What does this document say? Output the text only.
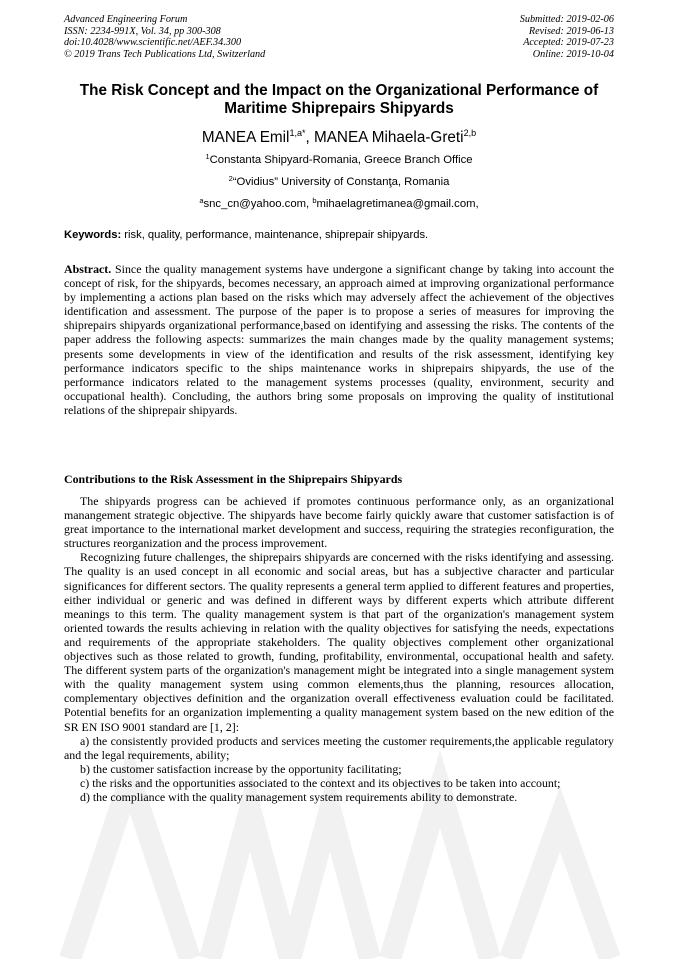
Advanced Engineering Forum
ISSN: 2234-991X, Vol. 34, pp 300-308
doi:10.4028/www.scientific.net/AEF.34.300
© 2019 Trans Tech Publications Ltd, Switzerland
Submitted: 2019-02-06
Revised: 2019-06-13
Accepted: 2019-07-23
Online: 2019-10-04
The Risk Concept and the Impact on the Organizational Performance of Maritime Shiprepairs Shipyards
MANEA Emil$^{1,a*}$, MANEA Mihaela-Greti$^{2,b}$
$^1$Constanta Shipyard-Romania, Greece Branch Office
$^2$“Ovidius” University of Constanţa, Romania
$^a$snc_cn@yahoo.com, $^b$mihaelagretimanea@gmail.com,
Keywords: risk, quality, performance, maintenance, shiprepair shipyards.
Abstract. Since the quality management systems have undergone a significant change by taking into account the concept of risk, for the shipyards, becomes necessary, an approach aimed at improving organizational performance by implementing a actions plan based on the risks which may adversely affect the achievement of the objectives identification and assessment. The purpose of the paper is to propose a series of measures for improving the shiprepairs shipyards organizational performance,based on identifying and assessing the risks. The contents of the paper address the following aspects: summarizes the main changes made by the quality management systems; presents some developments in view of the identification and results of the risk assessment, identifying key performance indicators specific to the ships maintenance works in shiprepairs shipyards, the use of the performance indicators related to the management systems processes (quality, environment, security and occupational health). Concluding, the authors bring some proposals on improving the quality of institutional relations of the shiprepair shipyards.
Contributions to the Risk Assessment in the Shiprepairs Shipyards

The shipyards progress can be achieved if promotes continuous performance only, as an organizational manangement strategic objective. The shipyards have become fairly quickly aware that customer satisfaction is of great importance to the international market development and success, requiring the strategies reconfiguration, the structures reorganization and the process improvement.

Recognizing future challenges, the shiprepairs shipyards are concerned with the risks identifying and assessing. The quality is an used concept in all economic and social areas, but has a subjective character and particular significances for different sectors. The quality represents a general term applied to different features and properties, either individual or generic and was defined in different ways by different experts which attribute different meanings to this term. The quality management system is that part of the organization's management system oriented towards the results achieving in relation with the quality objectives for satisfying the needs, expectations and requirements of the appropriate stakeholders. The quality objectives complement other organizational objectives such as those related to growth, funding, profitability, environmental, occupational health and safety. The different system parts of the organization's management might be integrated into a single management system with the quality management system using common elements,thus the planning, resources allocation, complementary objectives definition and the organization overall effectiveness evaluation could be facilitated. Potential benefits for an organization implementing a quality management system based on the new edition of the SR EN ISO 9001 standard are [1, 2]:

a) the consistently provided products and services meeting the customer requirements,the applicable regulatory and the legal requirements, ability;

b) the customer satisfaction increase by the opportunity facilitating;

c) the risks and the opportunities associated to the context and its objectives to be taken into account;

d) the compliance with the quality management system requirements ability to demonstrate.
